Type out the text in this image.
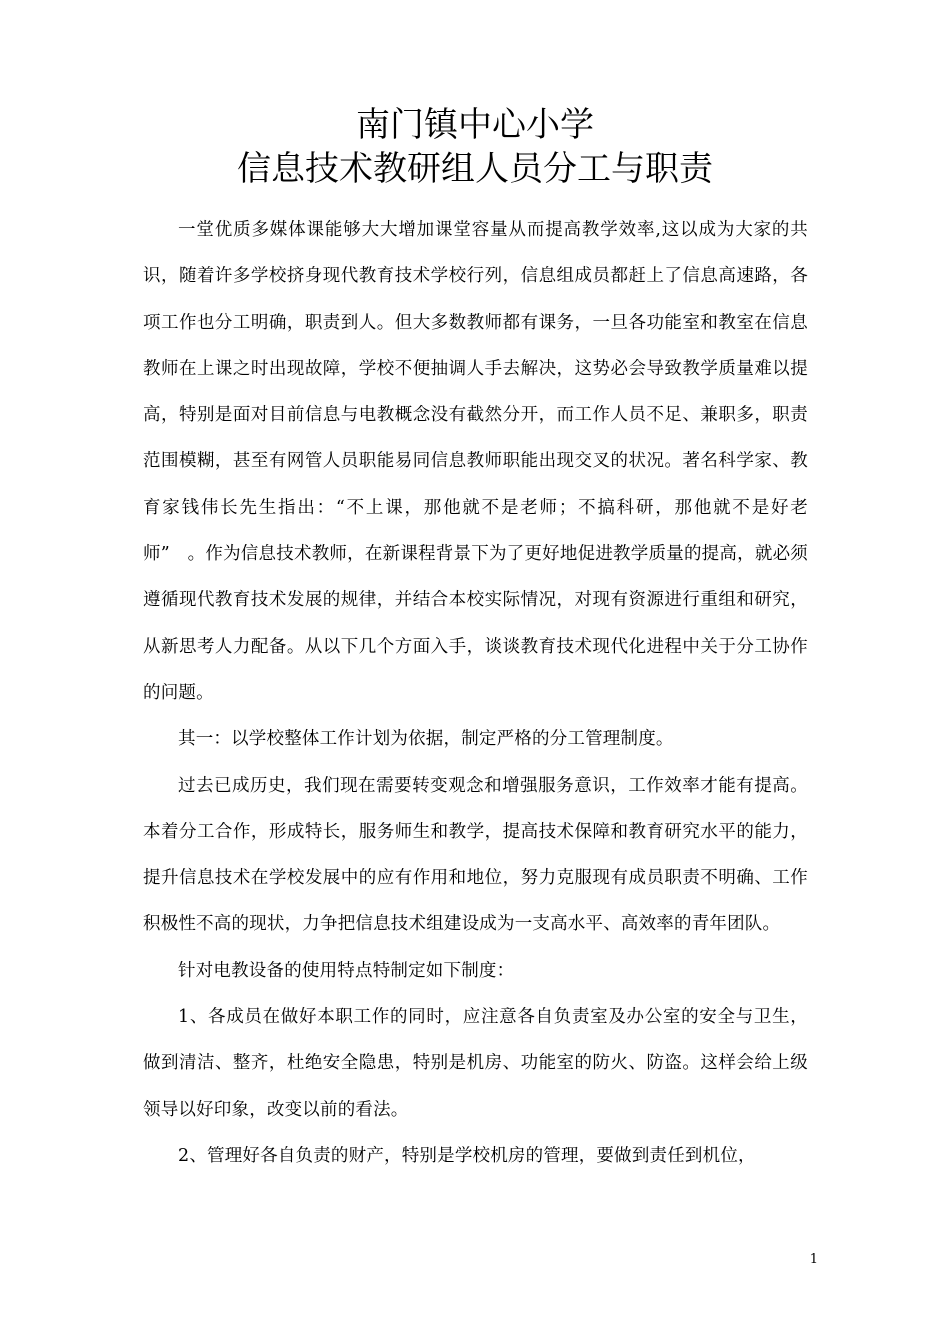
南门镇中心小学
信息技术教研组人员分工与职责

一堂优质多媒体课能够大大增加课堂容量从而提高教学效率,这以成为大家的共识，随着许多学校挤身现代教育技术学校行列，信息组成员都赶上了信息高速路，各项工作也分工明确，职责到人。但大多数教师都有课务，一旦各功能室和教室在信息教师在上课之时出现故障，学校不便抽调人手去解决，这势必会导致教学质量难以提高，特别是面对目前信息与电教概念没有截然分开，而工作人员不足、兼职多，职责范围模糊，甚至有网管人员职能易同信息教师职能出现交叉的状况。著名科学家、教育家钱伟长先生指出：“不上课，那他就不是老师；不搞科研，那他就不是好老师”　。作为信息技术教师，在新课程背景下为了更好地促进教学质量的提高，就必须遵循现代教育技术发展的规律，并结合本校实际情况，对现有资源进行重组和研究，从新思考人力配备。从以下几个方面入手，谈谈教育技术现代化进程中关于分工协作的问题。

其一：以学校整体工作计划为依据，制定严格的分工管理制度。

过去已成历史，我们现在需要转变观念和增强服务意识，工作效率才能有提高。本着分工合作，形成特长，服务师生和教学，提高技术保障和教育研究水平的能力，提升信息技术在学校发展中的应有作用和地位，努力克服现有成员职责不明确、工作积极性不高的现状，力争把信息技术组建设成为一支高水平、高效率的青年团队。

针对电教设备的使用特点特制定如下制度：

1、各成员在做好本职工作的同时，应注意各自负责室及办公室的安全与卫生，做到清洁、整齐，杜绝安全隐患，特别是机房、功能室的防火、防盗。这样会给上级领导以好印象，改变以前的看法。

2、管理好各自负责的财产，特别是学校机房的管理，要做到责任到机位，

1
